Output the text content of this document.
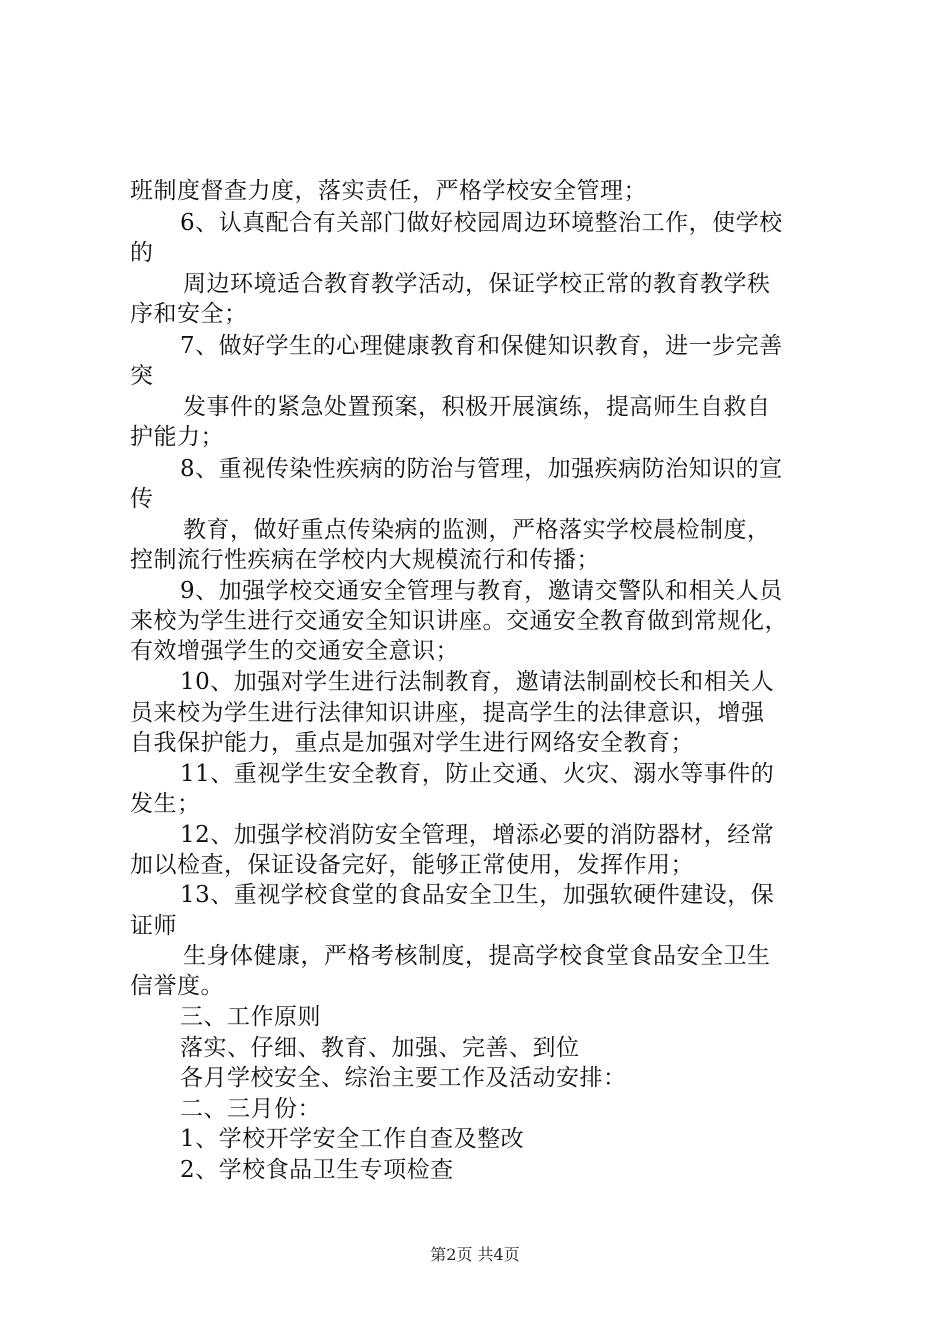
班制度督查力度，落实责任，严格学校安全管理；
6、认真配合有关部门做好校园周边环境整治工作，使学校
的
周边环境适合教育教学活动，保证学校正常的教育教学秩
序和安全；
7、做好学生的心理健康教育和保健知识教育，进一步完善
突
发事件的紧急处置预案，积极开展演练，提高师生自救自
护能力；
8、重视传染性疾病的防治与管理，加强疾病防治知识的宣
传
教育，做好重点传染病的监测，严格落实学校晨检制度，
控制流行性疾病在学校内大规模流行和传播；
9、加强学校交通安全管理与教育，邀请交警队和相关人员
来校为学生进行交通安全知识讲座。交通安全教育做到常规化，
有效增强学生的交通安全意识；
10、加强对学生进行法制教育，邀请法制副校长和相关人
员来校为学生进行法律知识讲座，提高学生的法律意识，增强
自我保护能力，重点是加强对学生进行网络安全教育；
11、重视学生安全教育，防止交通、火灾、溺水等事件的
发生；
12、加强学校消防安全管理，增添必要的消防器材，经常
加以检查，保证设备完好，能够正常使用，发挥作用；
13、重视学校食堂的食品安全卫生，加强软硬件建设，保
证师
生身体健康，严格考核制度，提高学校食堂食品安全卫生
信誉度。
三、工作原则
落实、仔细、教育、加强、完善、到位
各月学校安全、综治主要工作及活动安排：
二、三月份：
1、学校开学安全工作自查及整改
2、学校食品卫生专项检查
第2页 共4页
